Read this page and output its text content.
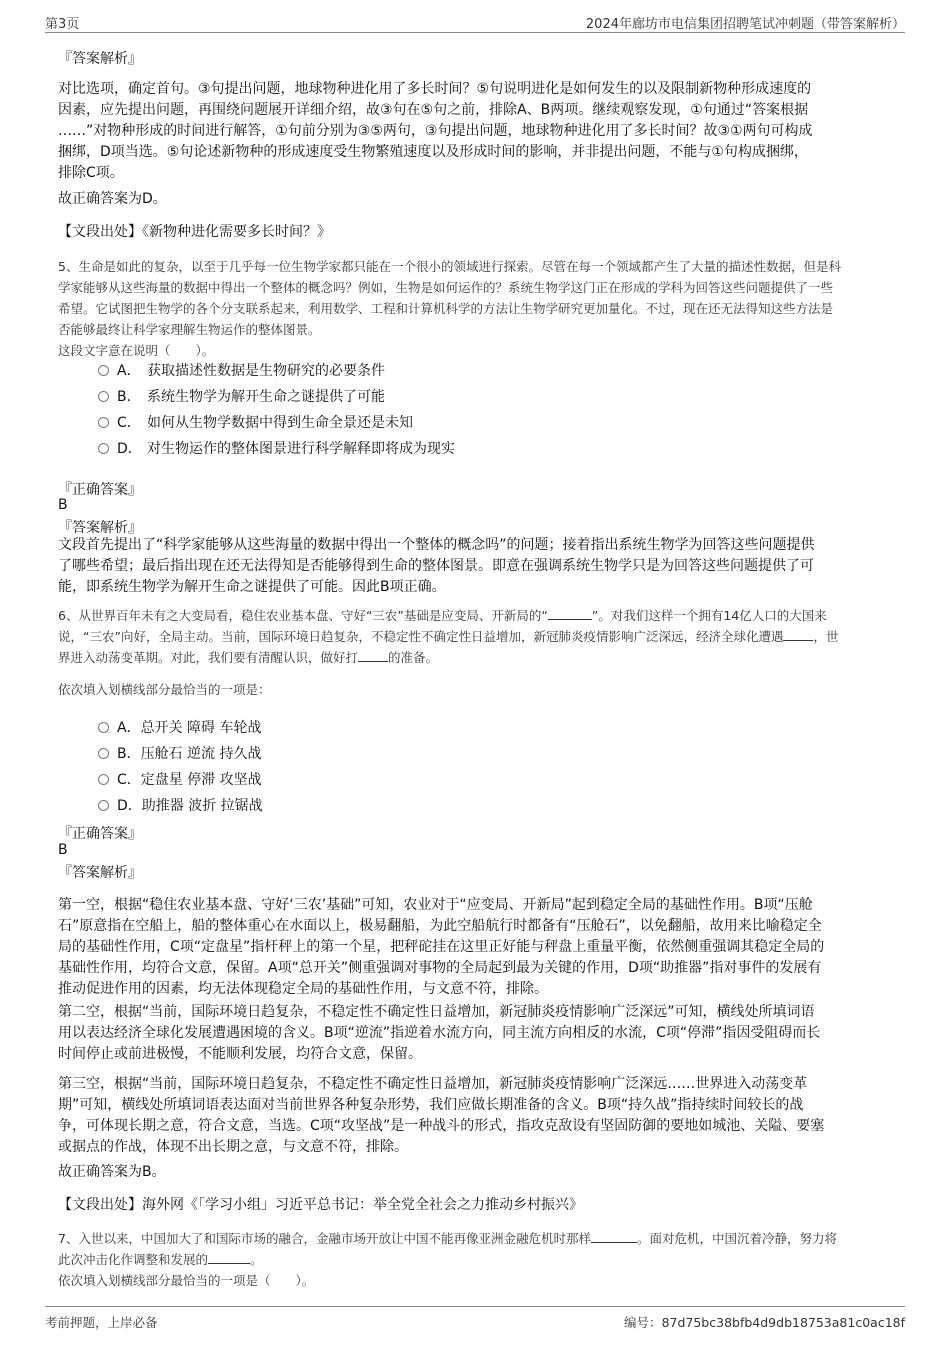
第3页	2024年廊坊市电信集团招聘笔试冲刺题（带答案解析）
『答案解析』
对比选项，确定首句。③句提出问题，地球物种进化用了多长时间？⑤句说明进化是如何发生的以及限制新物种形成速度的
因素，应先提出问题，再围绕问题展开详细介绍，故③句在⑤句之前，排除A、B两项。继续观察发现，①句通过“答案根据
……”对物种形成的时间进行解答，①句前分别为③⑤两句，③句提出问题，地球物种进化用了多长时间？故③①两句可构成
捆绑，D项当选。⑤句论述新物种的形成速度受生物繁殖速度以及形成时间的影响，并非提出问题，不能与①句构成捆绑，
排除C项。
故正确答案为D。
【文段出处】《新物种进化需要多长时间？》
5、生命是如此的复杂，以至于几乎每一位生物学家都只能在一个很小的领域进行探索。尽管在每一个领域都产生了大量的描述性数据，但是科
学家能够从这些海量的数据中得出一个整体的概念吗？例如，生物是如何运作的？系统生物学这门正在形成的学科为回答这些问题提供了一些
希望。它试图把生物学的各个分支联系起来，利用数学、工程和计算机科学的方法让生物学研究更加量化。不过，现在还无法得知这些方法是
否能够最终让科学家理解生物运作的整体图景。
这段文字意在说明（　　）。
A． 获取描述性数据是生物研究的必要条件
B． 系统生物学为解开生命之谜提供了可能
C． 如何从生物学数据中得到生命全景还是未知
D． 对生物运作的整体图景进行科学解释即将成为现实
『正确答案』
B
『答案解析』
文段首先提出了“科学家能够从这些海量的数据中得出一个整体的概念吗”的问题；接着指出系统生物学为回答这些问题提供
了哪些希望；最后指出现在还无法得知是否能够得到生命的整体图景。即意在强调系统生物学只是为回答这些问题提供了可
能，即系统生物学为解开生命之谜提供了可能。因此B项正确。
6、从世界百年未有之大变局看，稳住农业基本盘、守好“三农”基础是应变局、开新局的“	”。对我们这样一个拥有14亿人口的大国来
说，“三农”向好，全局主动。当前，国际环境日趋复杂，不稳定性不确定性日益增加，新冠肺炎疫情影响广泛深远，经济全球化遭遇 ，世
界进入动荡变革期。对此，我们要有清醒认识，做好打 的准备。
依次填入划横线部分最恰当的一项是：
A．总开关 障碍 车轮战
B．压舱石 逆流 持久战
C．定盘星 停滞 攻坚战
D．助推器 波折 拉锯战
『正确答案』
B
『答案解析』
第一空，根据“稳住农业基本盘、守好‘三农’基础”可知，农业对于“应变局、开新局”起到稳定全局的基础性作用。B项“压舱
石”原意指在空船上，船的整体重心在水面以上，极易翻船，为此空船航行时都备有“压舱石”，以免翻船，故用来比喻稳定全
局的基础性作用，C项“定盘星”指杆秤上的第一个星，把秤砣挂在这里正好能与秤盘上重量平衡，依然侧重强调其稳定全局的
基础性作用，均符合文意，保留。A项“总开关”侧重强调对事物的全局起到最为关键的作用，D项“助推器”指对事件的发展有
推动促进作用的因素，均无法体现稳定全局的基础性作用，与文意不符，排除。
第二空，根据“当前，国际环境日趋复杂，不稳定性不确定性日益增加，新冠肺炎疫情影响广泛深远”可知，横线处所填词语
用以表达经济全球化发展遭遇困境的含义。B项“逆流”指逆着水流方向，同主流方向相反的水流，C项“停滞”指因受阻碍而长
时间停止或前进极慢，不能顺利发展，均符合文意，保留。
第三空，根据“当前，国际环境日趋复杂，不稳定性不确定性日益增加，新冠肺炎疫情影响广泛深远……世界进入动荡变革
期”可知，横线处所填词语表达面对当前世界各种复杂形势，我们应做长期准备的含义。B项“持久战”指持续时间较长的战
争，可体现长期之意，符合文意，当选。C项“攻坚战”是一种战斗的形式，指攻克敌设有坚固防御的要地如城池、关隘、要塞
或据点的作战，体现不出长期之意，与文意不符，排除。
故正确答案为B。
【文段出处】海外网《「学习小组」习近平总书记：举全党全社会之力推动乡村振兴》
7、入世以来，中国加大了和国际市场的融合，金融市场开放让中国不能再像亚洲金融危机时那样	。面对危机，中国沉着冷静，努力将
此次冲击化作调整和发展的	。
依次填入划横线部分最恰当的一项是（　　）。
考前押题，上岸必备	编号：87d75bc38bfb4d9db18753a81c0ac18f
